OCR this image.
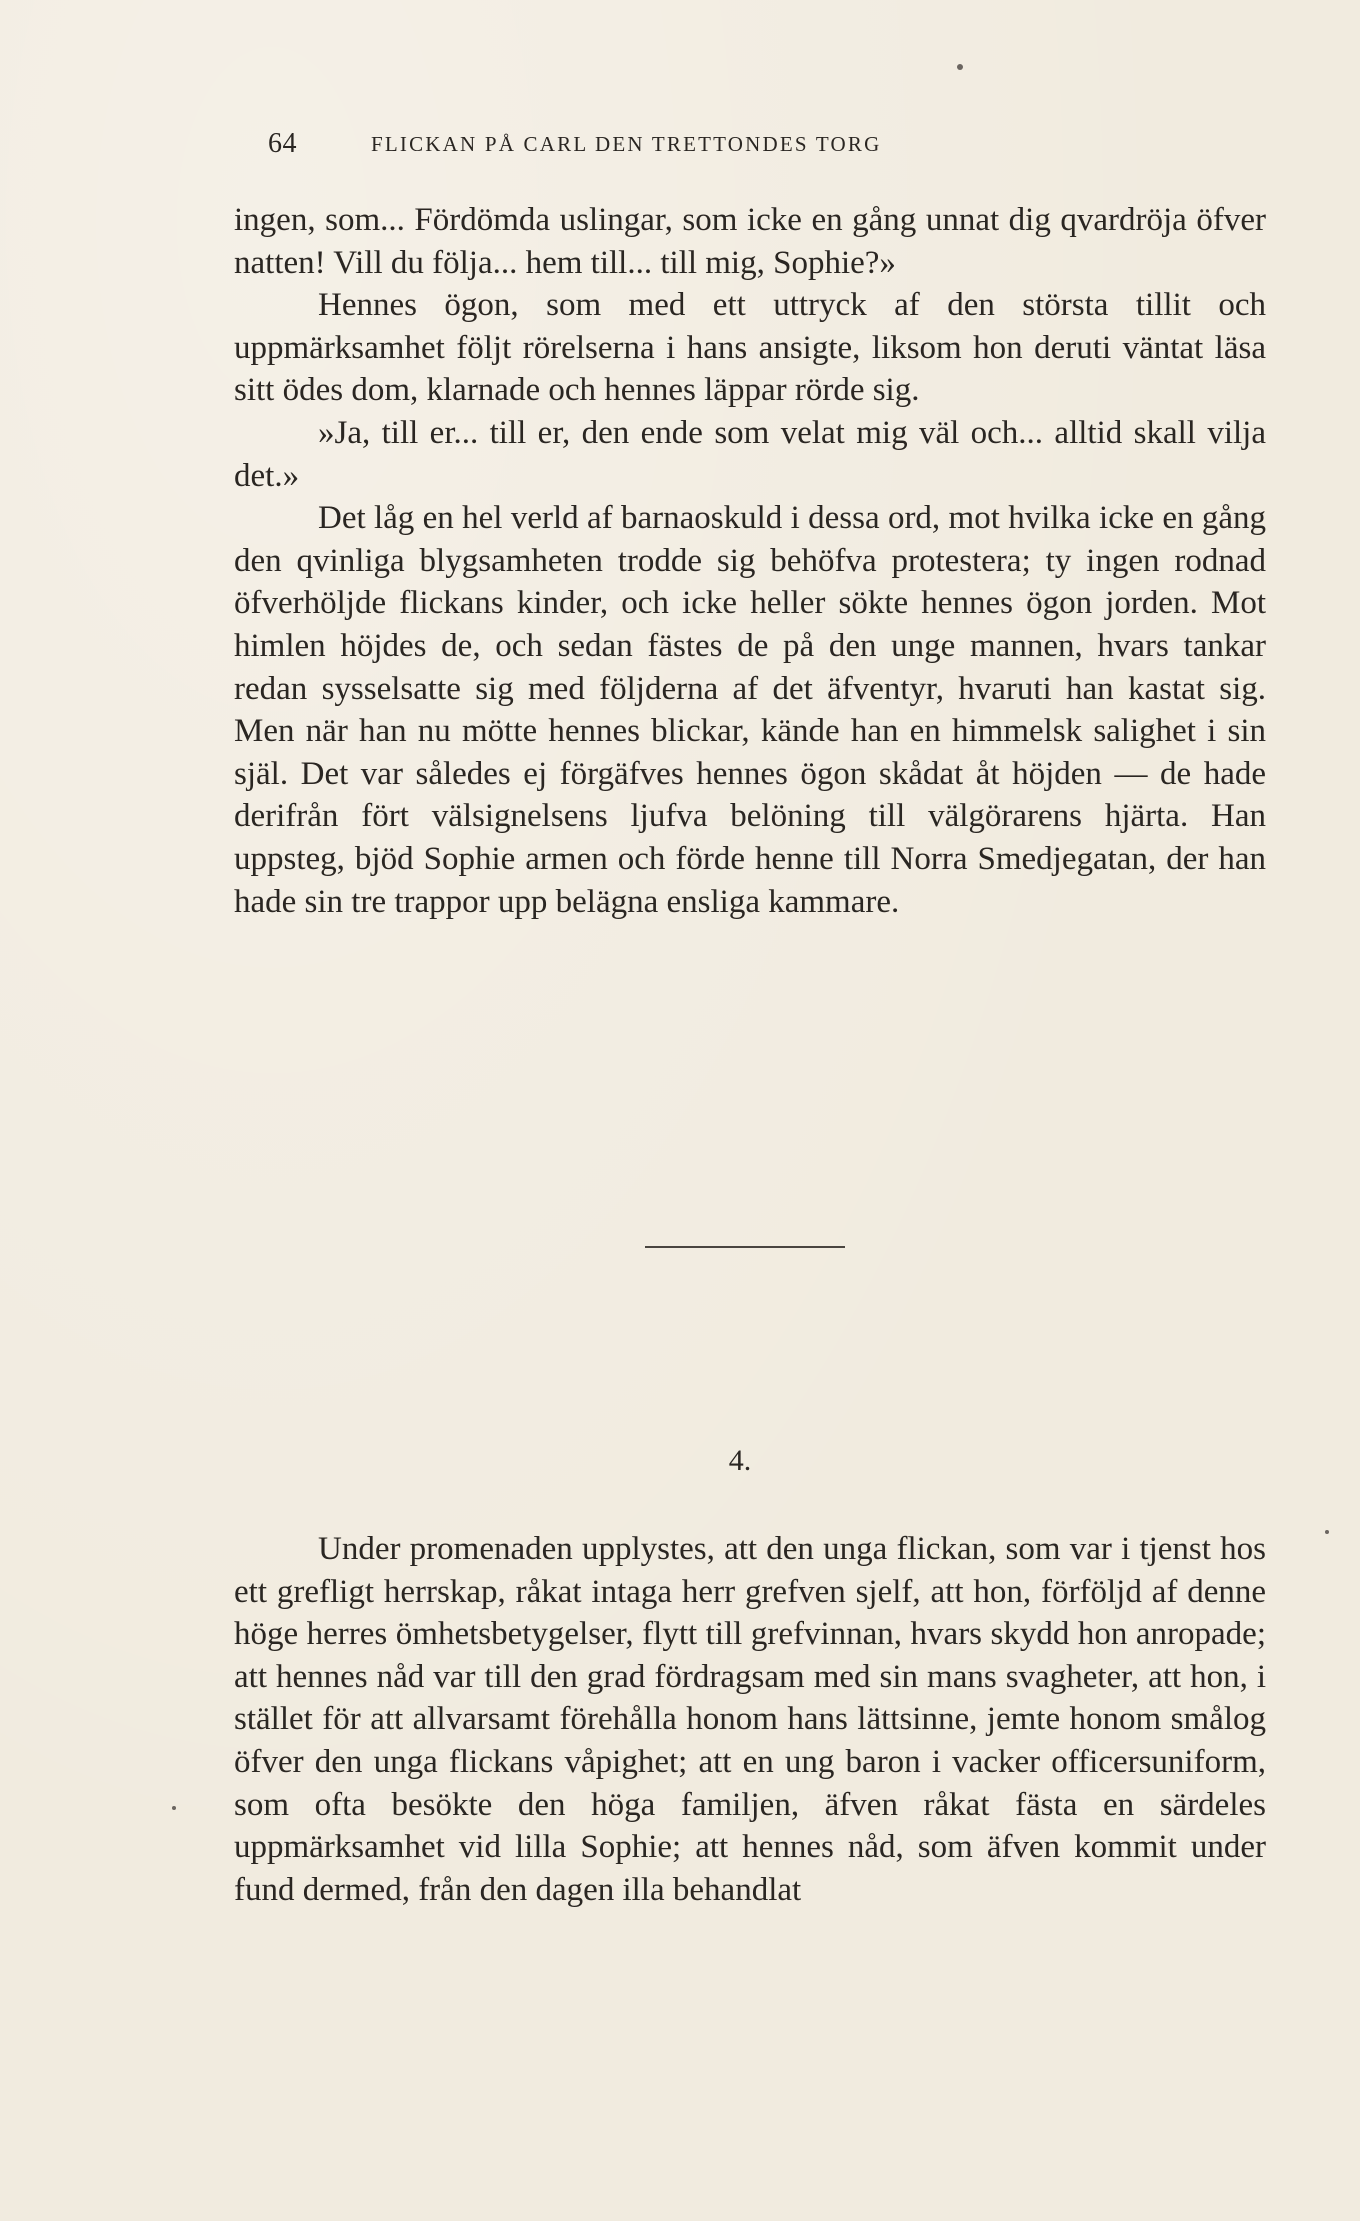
64	FLICKAN PÅ CARL DEN TRETTONDES TORG

ingen, som... Fördömda uslingar, som icke en gång unnat dig qvardröja öfver natten! Vill du följa... hem till... till mig, Sophie?»

Hennes ögon, som med ett uttryck af den största tillit och uppmärksamhet följt rörelserna i hans ansigte, liksom hon deruti väntat läsa sitt ödes dom, klarnade och hennes läppar rörde sig.

»Ja, till er... till er, den ende som velat mig väl och... alltid skall vilja det.»

Det låg en hel verld af barnaoskuld i dessa ord, mot hvilka icke en gång den qvinliga blygsamheten trodde sig behöfva protestera; ty ingen rodnad öfverhöljde flickans kinder, och icke heller sökte hennes ögon jorden. Mot himlen höjdes de, och sedan fästes de på den unge mannen, hvars tankar redan sysselsatte sig med följderna af det äfventyr, hvaruti han kastat sig. Men när han nu mötte hennes blickar, kände han en himmelsk salighet i sin själ. Det var således ej förgäfves hennes ögon skådat åt höjden — de hade derifrån fört välsignelsens ljufva belöning till välgörarens hjärta. Han uppsteg, bjöd Sophie armen och förde henne till Norra Smedjegatan, der han hade sin tre trappor upp belägna ensliga kammare.

4.

Under promenaden upplystes, att den unga flickan, som var i tjenst hos ett grefligt herrskap, råkat intaga herr grefven sjelf, att hon, förföljd af denne höge herres ömhetsbetygelser, flytt till grefvinnan, hvars skydd hon anropade; att hennes nåd var till den grad fördragsam med sin mans svagheter, att hon, i stället för att allvarsamt förehålla honom hans lättsinne, jemte honom smålog öfver den unga flickans våpighet; att en ung baron i vacker officersuniform, som ofta besökte den höga familjen, äfven råkat fästa en särdeles uppmärksamhet vid lilla Sophie; att hennes nåd, som äfven kommit under fund dermed, från den dagen illa behandlat
